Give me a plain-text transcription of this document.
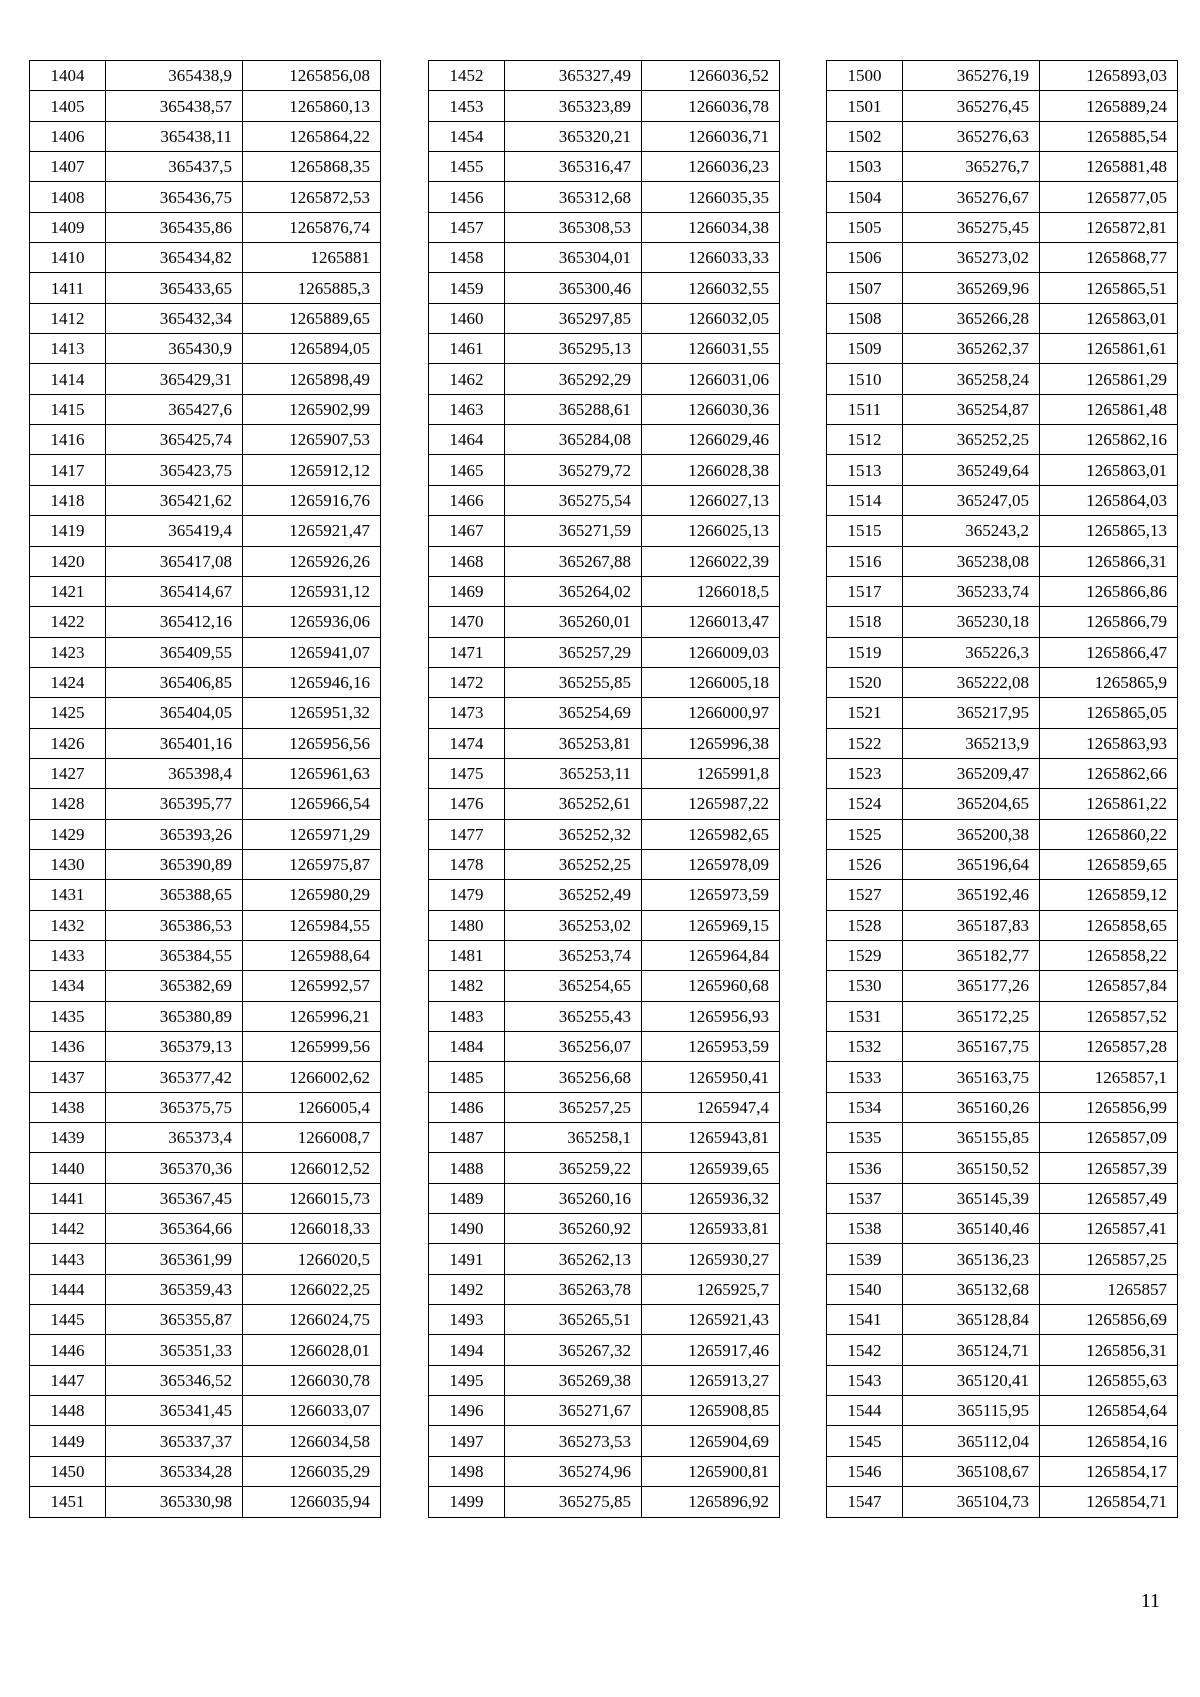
1404	365438,9	1265856,08
1405	365438,57	1265860,13
1406	365438,11	1265864,22
1407	365437,5	1265868,35
1408	365436,75	1265872,53
1409	365435,86	1265876,74
1410	365434,82	1265881
1411	365433,65	1265885,3
1412	365432,34	1265889,65
1413	365430,9	1265894,05
1414	365429,31	1265898,49
1415	365427,6	1265902,99
1416	365425,74	1265907,53
1417	365423,75	1265912,12
1418	365421,62	1265916,76
1419	365419,4	1265921,47
1420	365417,08	1265926,26
1421	365414,67	1265931,12
1422	365412,16	1265936,06
1423	365409,55	1265941,07
1424	365406,85	1265946,16
1425	365404,05	1265951,32
1426	365401,16	1265956,56
1427	365398,4	1265961,63
1428	365395,77	1265966,54
1429	365393,26	1265971,29
1430	365390,89	1265975,87
1431	365388,65	1265980,29
1432	365386,53	1265984,55
1433	365384,55	1265988,64
1434	365382,69	1265992,57
1435	365380,89	1265996,21
1436	365379,13	1265999,56
1437	365377,42	1266002,62
1438	365375,75	1266005,4
1439	365373,4	1266008,7
1440	365370,36	1266012,52
1441	365367,45	1266015,73
1442	365364,66	1266018,33
1443	365361,99	1266020,5
1444	365359,43	1266022,25
1445	365355,87	1266024,75
1446	365351,33	1266028,01
1447	365346,52	1266030,78
1448	365341,45	1266033,07
1449	365337,37	1266034,58
1450	365334,28	1266035,29
1451	365330,98	1266035,94
1452	365327,49	1266036,52
1453	365323,89	1266036,78
1454	365320,21	1266036,71
1455	365316,47	1266036,23
1456	365312,68	1266035,35
1457	365308,53	1266034,38
1458	365304,01	1266033,33
1459	365300,46	1266032,55
1460	365297,85	1266032,05
1461	365295,13	1266031,55
1462	365292,29	1266031,06
1463	365288,61	1266030,36
1464	365284,08	1266029,46
1465	365279,72	1266028,38
1466	365275,54	1266027,13
1467	365271,59	1266025,13
1468	365267,88	1266022,39
1469	365264,02	1266018,5
1470	365260,01	1266013,47
1471	365257,29	1266009,03
1472	365255,85	1266005,18
1473	365254,69	1266000,97
1474	365253,81	1265996,38
1475	365253,11	1265991,8
1476	365252,61	1265987,22
1477	365252,32	1265982,65
1478	365252,25	1265978,09
1479	365252,49	1265973,59
1480	365253,02	1265969,15
1481	365253,74	1265964,84
1482	365254,65	1265960,68
1483	365255,43	1265956,93
1484	365256,07	1265953,59
1485	365256,68	1265950,41
1486	365257,25	1265947,4
1487	365258,1	1265943,81
1488	365259,22	1265939,65
1489	365260,16	1265936,32
1490	365260,92	1265933,81
1491	365262,13	1265930,27
1492	365263,78	1265925,7
1493	365265,51	1265921,43
1494	365267,32	1265917,46
1495	365269,38	1265913,27
1496	365271,67	1265908,85
1497	365273,53	1265904,69
1498	365274,96	1265900,81
1499	365275,85	1265896,92
1500	365276,19	1265893,03
1501	365276,45	1265889,24
1502	365276,63	1265885,54
1503	365276,7	1265881,48
1504	365276,67	1265877,05
1505	365275,45	1265872,81
1506	365273,02	1265868,77
1507	365269,96	1265865,51
1508	365266,28	1265863,01
1509	365262,37	1265861,61
1510	365258,24	1265861,29
1511	365254,87	1265861,48
1512	365252,25	1265862,16
1513	365249,64	1265863,01
1514	365247,05	1265864,03
1515	365243,2	1265865,13
1516	365238,08	1265866,31
1517	365233,74	1265866,86
1518	365230,18	1265866,79
1519	365226,3	1265866,47
1520	365222,08	1265865,9
1521	365217,95	1265865,05
1522	365213,9	1265863,93
1523	365209,47	1265862,66
1524	365204,65	1265861,22
1525	365200,38	1265860,22
1526	365196,64	1265859,65
1527	365192,46	1265859,12
1528	365187,83	1265858,65
1529	365182,77	1265858,22
1530	365177,26	1265857,84
1531	365172,25	1265857,52
1532	365167,75	1265857,28
1533	365163,75	1265857,1
1534	365160,26	1265856,99
1535	365155,85	1265857,09
1536	365150,52	1265857,39
1537	365145,39	1265857,49
1538	365140,46	1265857,41
1539	365136,23	1265857,25
1540	365132,68	1265857
1541	365128,84	1265856,69
1542	365124,71	1265856,31
1543	365120,41	1265855,63
1544	365115,95	1265854,64
1545	365112,04	1265854,16
1546	365108,67	1265854,17
1547	365104,73	1265854,71
11
